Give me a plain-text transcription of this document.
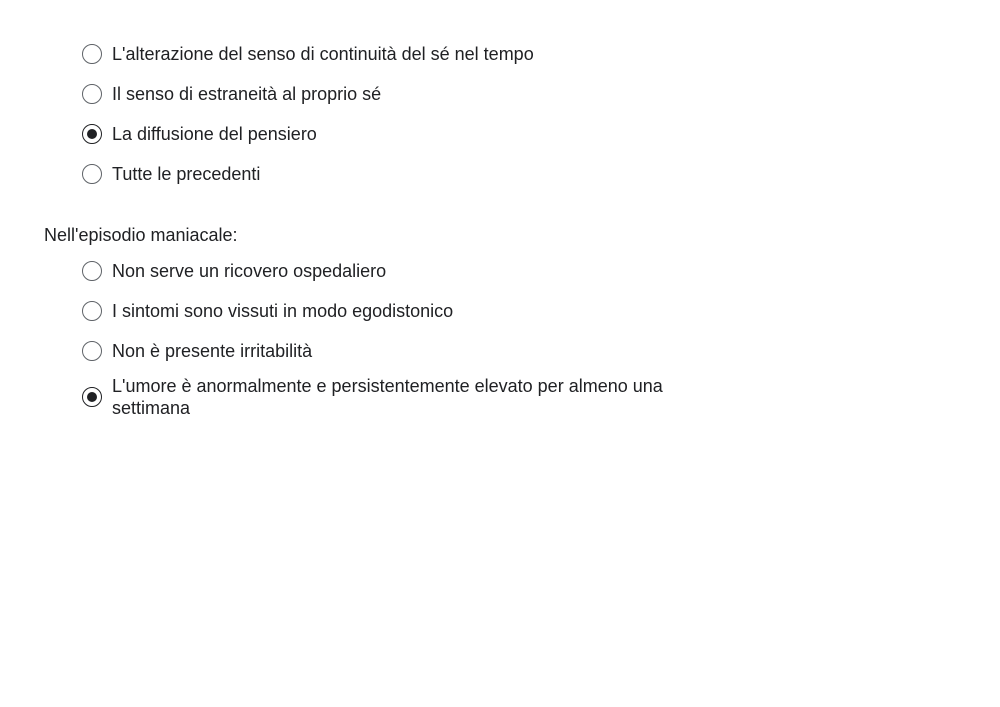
L'alterazione del senso di continuità del sé nel tempo
Il senso di estraneità al proprio sé
La diffusione del pensiero
Tutte le precedenti
Nell'episodio maniacale:
Non serve un ricovero ospedaliero
I sintomi sono vissuti in modo egodistonico
Non è presente irritabilità
L'umore è anormalmente e persistentemente elevato per almeno una settimana
